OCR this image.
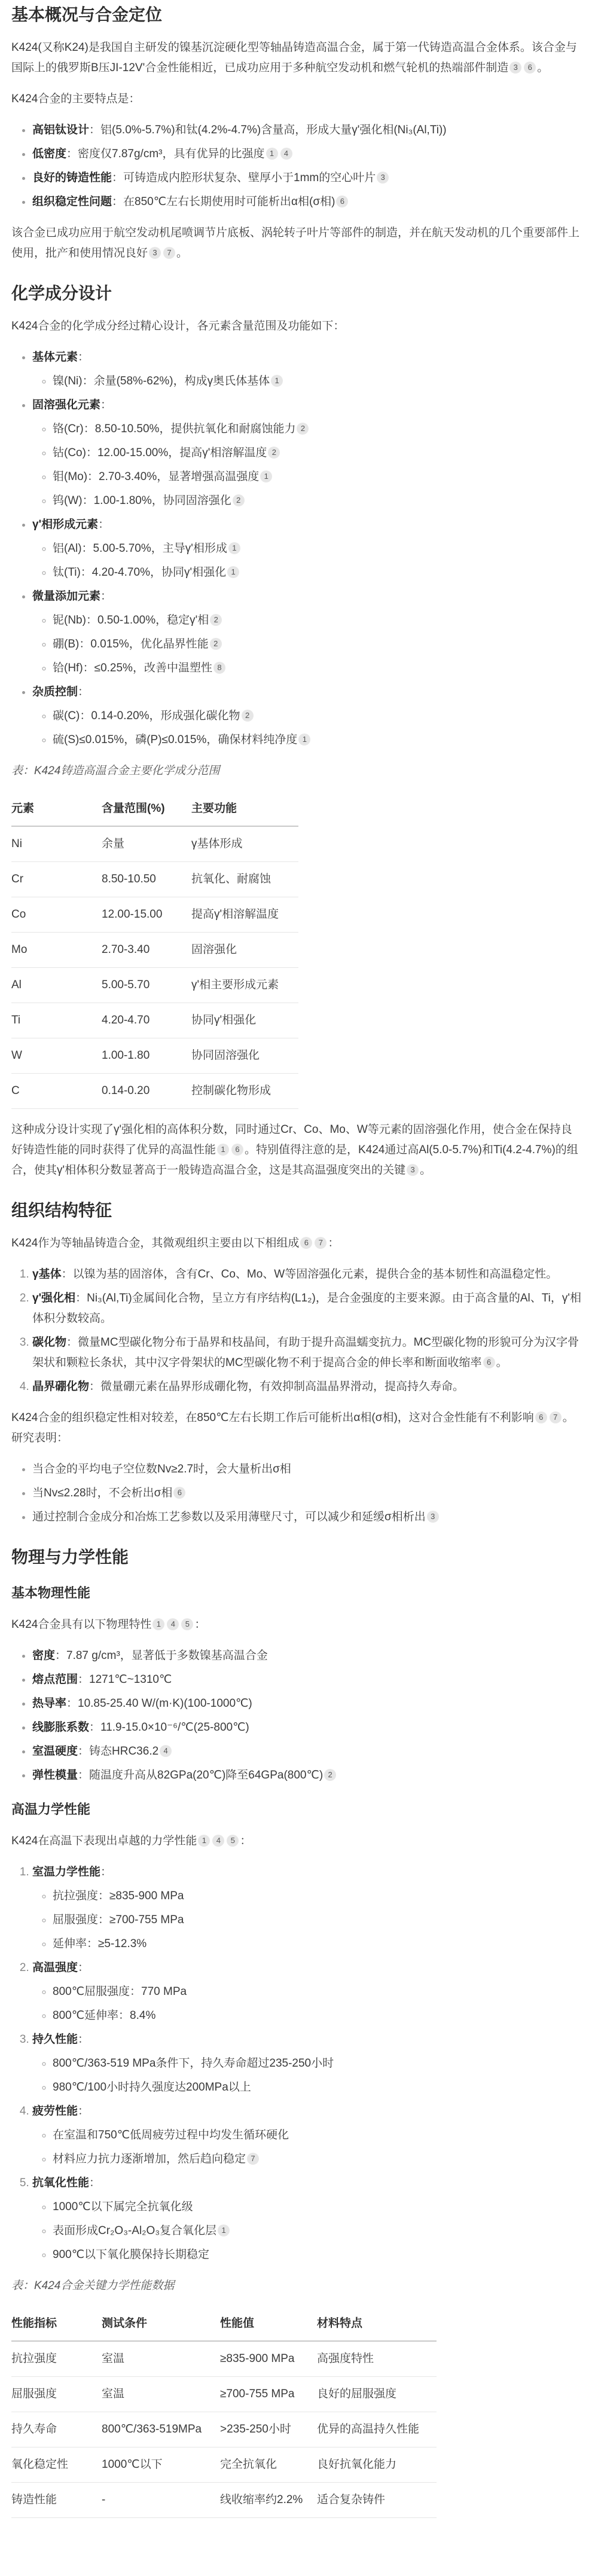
基本概况与合金定位

K424(又称K24)是我国自主研发的镍基沉淀硬化型等轴晶铸造高温合金，属于第一代铸造高温合金体系。该合金与国际上的俄罗斯B压JI-12V'合金性能相近，已成功应用于多种航空发动机和燃气轮机的热端部件制造 3 6 。

K424合金的主要特点是：

• 高铝钛设计：铝(5.0%-5.7%)和钛(4.2%-4.7%)含量高，形成大量γ'强化相(Ni₃(Al,Ti))
• 低密度：密度仅7.87g/cm³，具有优异的比强度 1 4
• 良好的铸造性能：可铸造成内腔形状复杂、壁厚小于1mm的空心叶片 3
• 组织稳定性问题：在850℃左右长期使用时可能析出α相(σ相) 6

该合金已成功应用于航空发动机尾喷调节片底板、涡轮转子叶片等部件的制造，并在航天发动机的几个重要部件上使用，批产和使用情况良好 3 7 。

化学成分设计

K424合金的化学成分经过精心设计，各元素含量范围及功能如下：

• 基体元素：
◦ 镍(Ni)：余量(58%-62%)，构成γ奥氏体基体 1
• 固溶强化元素：
◦ 铬(Cr)：8.50-10.50%，提供抗氧化和耐腐蚀能力 2
◦ 钴(Co)：12.00-15.00%，提高γ'相溶解温度 2
◦ 钼(Mo)：2.70-3.40%，显著增强高温强度 1
◦ 钨(W)：1.00-1.80%，协同固溶强化 2
• γ'相形成元素：
◦ 铝(Al)：5.00-5.70%，主导γ'相形成 1
◦ 钛(Ti)：4.20-4.70%，协同γ'相强化 1
• 微量添加元素：
◦ 铌(Nb)：0.50-1.00%，稳定γ'相 2
◦ 硼(B)：0.015%，优化晶界性能 2
◦ 铪(Hf)：≤0.25%，改善中温塑性 8
• 杂质控制：
◦ 碳(C)：0.14-0.20%，形成强化碳化物 2
◦ 硫(S)≤0.015%，磷(P)≤0.015%，确保材料纯净度 1

表：K424铸造高温合金主要化学成分范围

元素	含量范围(%)	主要功能
Ni	余量	γ基体形成
Cr	8.50-10.50	抗氧化、耐腐蚀
Co	12.00-15.00	提高γ'相溶解温度
Mo	2.70-3.40	固溶强化
Al	5.00-5.70	γ'相主要形成元素
Ti	4.20-4.70	协同γ'相强化
W	1.00-1.80	协同固溶强化
C	0.14-0.20	控制碳化物形成

这种成分设计实现了γ'强化相的高体积分数，同时通过Cr、Co、Mo、W等元素的固溶强化作用，使合金在保持良好铸造性能的同时获得了优异的高温性能 1 6 。特别值得注意的是，K424通过高Al(5.0-5.7%)和Ti(4.2-4.7%)的组合，使其γ'相体积分数显著高于一般铸造高温合金，这是其高温强度突出的关键 3 。

组织结构特征

K424作为等轴晶铸造合金，其微观组织主要由以下相组成 6 7 ：

1. γ基体：以镍为基的固溶体，含有Cr、Co、Mo、W等固溶强化元素，提供合金的基本韧性和高温稳定性。
2. γ'强化相：Ni₃(Al,Ti)金属间化合物，呈立方有序结构(L1₂)，是合金强度的主要来源。由于高含量的Al、Ti，γ'相体积分数较高。
3. 碳化物：微量MC型碳化物分布于晶界和枝晶间，有助于提升高温蠕变抗力。MC型碳化物的形貌可分为汉字骨架状和颗粒长条状，其中汉字骨架状的MC型碳化物不利于提高合金的伸长率和断面收缩率 6 。
4. 晶界硼化物：微量硼元素在晶界形成硼化物，有效抑制高温晶界滑动，提高持久寿命。

K424合金的组织稳定性相对较差，在850℃左右长期工作后可能析出α相(σ相)，这对合金性能有不利影响 6 7 。研究表明：

• 当合金的平均电子空位数Nv≥2.7时，会大量析出σ相
• 当Nv≤2.28时，不会析出σ相 6
• 通过控制合金成分和冶炼工艺参数以及采用薄壁尺寸，可以减少和延缓σ相析出 3
物理与力学性能
基本物理性能

K424合金具有以下物理特性 1 4 5 ：

• 密度：7.87 g/cm³，显著低于多数镍基高温合金
• 熔点范围：1271℃~1310℃
• 热导率：10.85-25.40 W/(m·K)(100-1000℃)
• 线膨胀系数：11.9-15.0×10⁻⁶/℃(25-800℃)
• 室温硬度：铸态HRC36.2 4
• 弹性模量：随温度升高从82GPa(20℃)降至64GPa(800℃) 2
高温力学性能

K424在高温下表现出卓越的力学性能 1 4 5 ：

1. 室温力学性能：
◦ 抗拉强度：≥835-900 MPa
◦ 屈服强度：≥700-755 MPa
◦ 延伸率：≥5-12.3%
2. 高温强度：
◦ 800℃屈服强度：770 MPa
◦ 800℃延伸率：8.4%
3. 持久性能：
◦ 800℃/363-519 MPa条件下，持久寿命超过235-250小时
◦ 980℃/100小时持久强度达200MPa以上
4. 疲劳性能：
◦ 在室温和750℃低周疲劳过程中均发生循环硬化
◦ 材料应力抗力逐渐增加，然后趋向稳定 7
5. 抗氧化性能：
◦ 1000℃以下属完全抗氧化级
◦ 表面形成Cr₂O₃-Al₂O₃复合氧化层 1
◦ 900℃以下氧化膜保持长期稳定

表：K424合金关键力学性能数据

性能指标	测试条件	性能值	材料特点
抗拉强度	室温	≥835-900 MPa	高强度特性
屈服强度	室温	≥700-755 MPa	良好的屈服强度
持久寿命	800℃/363-519MPa	>235-250小时	优异的高温持久性能
氧化稳定性	1000℃以下	完全抗氧化	良好抗氧化能力
铸造性能	-	线收缩率约2.2%	适合复杂铸件
